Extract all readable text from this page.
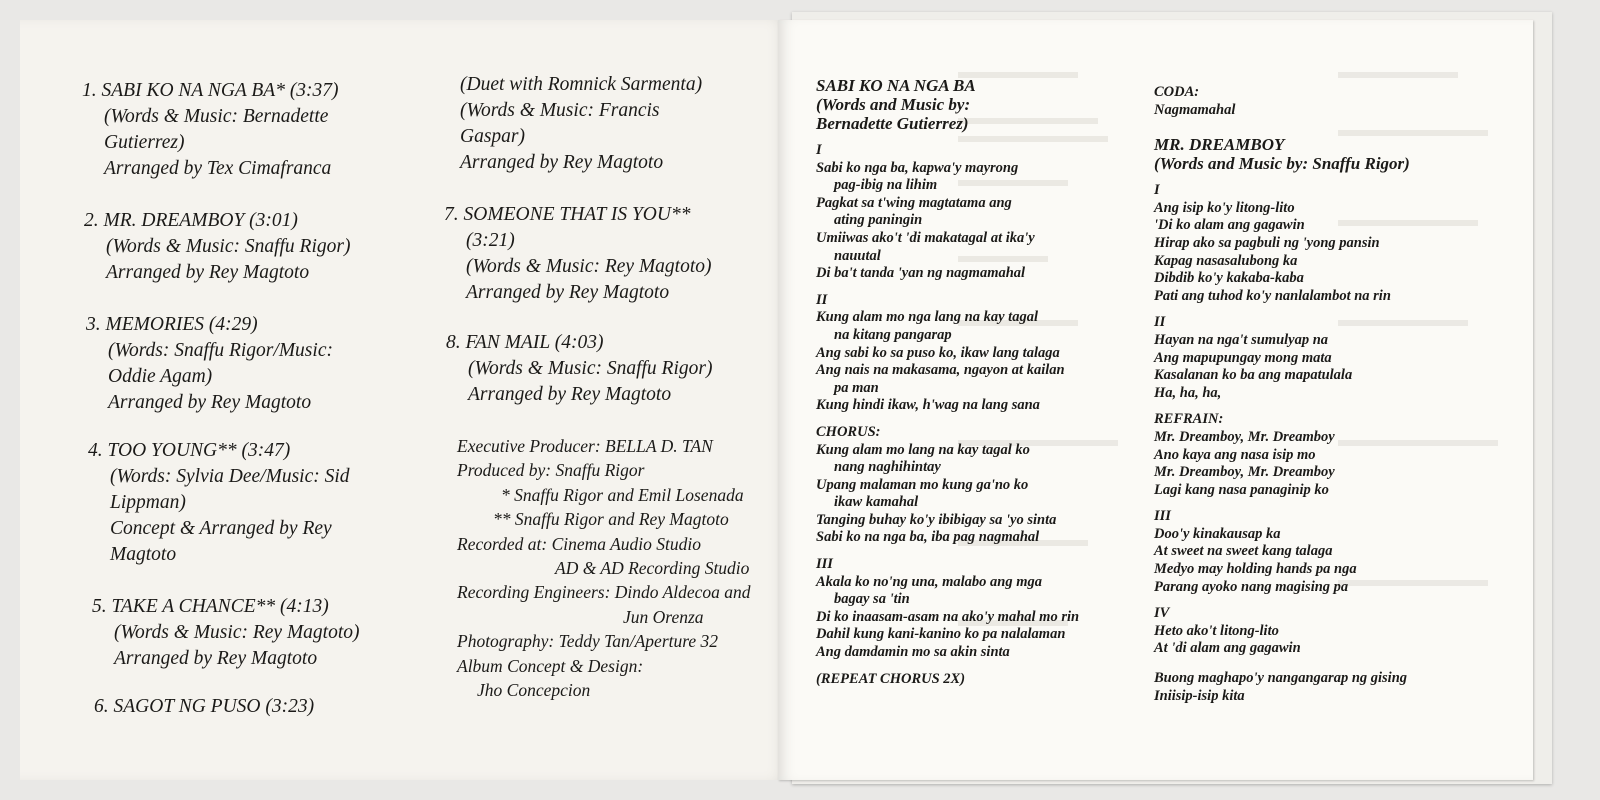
1. SABI KO NA NGA BA* (3:37)
(Words & Music: Bernadette
Gutierrez)
Arranged by Tex Cimafranca
2. MR. DREAMBOY (3:01)
(Words & Music: Snaffu Rigor)
Arranged by Rey Magtoto
3. MEMORIES (4:29)
(Words: Snaffu Rigor/Music:
Oddie Agam)
Arranged by Rey Magtoto
4. TOO YOUNG** (3:47)
(Words: Sylvia Dee/Music: Sid
Lippman)
Concept & Arranged by Rey
Magtoto
5. TAKE A CHANCE** (4:13)
(Words & Music: Rey Magtoto)
Arranged by Rey Magtoto
6. SAGOT NG PUSO (3:23)
(Duet with Romnick Sarmenta)
(Words & Music: Francis
Gaspar)
Arranged by Rey Magtoto
7. SOMEONE THAT IS YOU**
(3:21)
(Words & Music: Rey Magtoto)
Arranged by Rey Magtoto
8. FAN MAIL (4:03)
(Words & Music: Snaffu Rigor)
Arranged by Rey Magtoto
Executive Producer: BELLA D. TAN
Produced by: Snaffu Rigor
* Snaffu Rigor and Emil Losenada
** Snaffu Rigor and Rey Magtoto
Recorded at: Cinema Audio Studio
AD & AD Recording Studio
Recording Engineers: Dindo Aldecoa and
Jun Orenza
Photography: Teddy Tan/Aperture 32
Album Concept & Design:
Jho Concepcion
SABI KO NA NGA BA
(Words and Music by:
Bernadette Gutierrez)
I
Sabi ko nga ba, kapwa'y mayrong
pag-ibig na lihim
Pagkat sa t'wing magtatama ang
ating paningin
Umiiwas ako't 'di makatagal at ika'y
nauutal
Di ba't tanda 'yan ng nagmamahal
II
Kung alam mo nga lang na kay tagal
na kitang pangarap
Ang sabi ko sa puso ko, ikaw lang talaga
Ang nais na makasama, ngayon at kailan
pa man
Kung hindi ikaw, h'wag na lang sana
CHORUS:
Kung alam mo lang na kay tagal ko
nang naghihintay
Upang malaman mo kung ga'no ko
ikaw kamahal
Tanging buhay ko'y ibibigay sa 'yo sinta
Sabi ko na nga ba, iba pag nagmahal
III
Akala ko no'ng una, malabo ang mga
bagay sa 'tin
Di ko inaasam-asam na ako'y mahal mo rin
Dahil kung kani-kanino ko pa nalalaman
Ang damdamin mo sa akin sinta
(REPEAT CHORUS 2X)
CODA:
Nagmamahal
MR. DREAMBOY
(Words and Music by: Snaffu Rigor)
I
Ang isip ko'y litong-lito
'Di ko alam ang gagawin
Hirap ako sa pagbuli ng 'yong pansin
Kapag nasasalubong ka
Dibdib ko'y kakaba-kaba
Pati ang tuhod ko'y nanlalambot na rin
II
Hayan na nga't sumulyap na
Ang mapupungay mong mata
Kasalanan ko ba ang mapatulala
Ha, ha, ha,
REFRAIN:
Mr. Dreamboy, Mr. Dreamboy
Ano kaya ang nasa isip mo
Mr. Dreamboy, Mr. Dreamboy
Lagi kang nasa panaginip ko
III
Doo'y kinakausap ka
At sweet na sweet kang talaga
Medyo may holding hands pa nga
Parang ayoko nang magising pa
IV
Heto ako't litong-lito
At 'di alam ang gagawin
Buong maghapo'y nangangarap ng gising
Iniisip-isip kita
